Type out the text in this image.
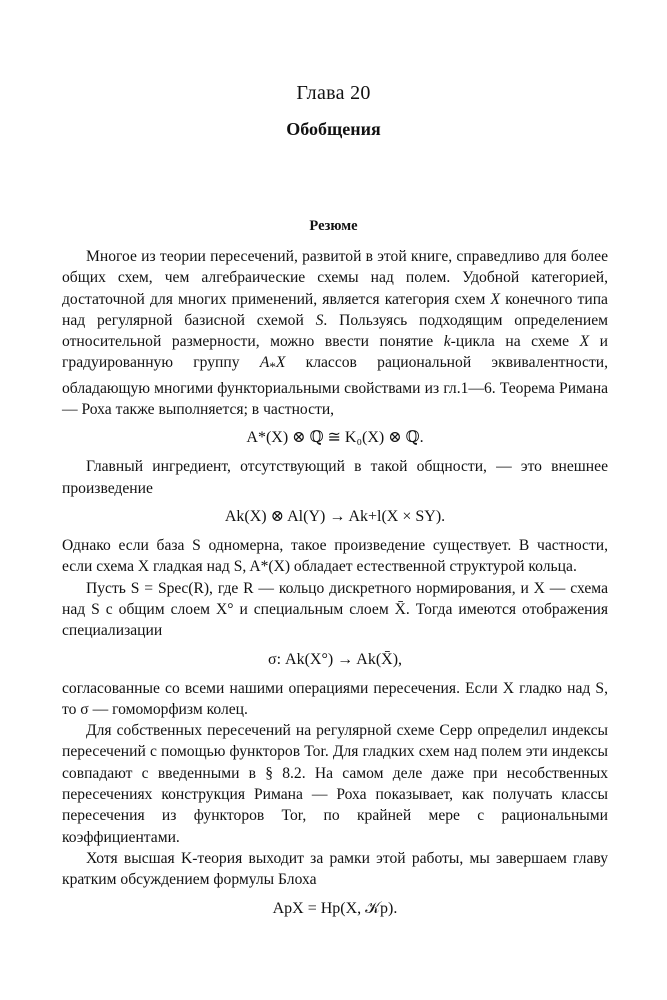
Глава 20
Обобщения
Резюме

Многое из теории пересечений, развитой в этой книге, справедливо для более общих схем, чем алгебраические схемы над полем. Удобной категорией, достаточной для многих применений, является категория схем X конечного типа над регулярной базисной схемой S. Пользуясь подходящим определением относительной размерности, можно ввести понятие k-цикла на схеме X и градуированную группу $A_*X$ классов рациональной эквивалентности, обладающую многими функториальными свойствами из гл.1—6. Теорема Римана — Роха также выполняется; в частности,

A*(X) ⊗ ℚ ≅ K₀(X) ⊗ ℚ.

Главный ингредиент, отсутствующий в такой общности, — это внешнее произведение

Ak(X) ⊗ Al(Y) → Ak+l(X × SY).

Однако если база S одномерна, такое произведение существует. В частности, если схема X гладкая над S, A*(X) обладает естественной структурой кольца.

Пусть S = Spec(R), где R — кольцо дискретного нормирования, и X — схема над S с общим слоем X° и специальным слоем X̄. Тогда имеются отображения специализации

σ: Ak(X°) → Ak(X̄),

согласованные со всеми нашими операциями пересечения. Если X гладко над S, то σ — гомоморфизм колец.

Для собственных пересечений на регулярной схеме Серр определил индексы пересечений с помощью функторов Tor. Для гладких схем над полем эти индексы совпадают с введенными в § 8.2. На самом деле даже при несобственных пересечениях конструкция Римана — Роха показывает, как получать классы пересечения из функторов Tor, по крайней мере с рациональными коэффициентами.

Хотя высшая K-теория выходит за рамки этой работы, мы завершаем главу кратким обсуждением формулы Блоха

ApX = Hp(X, 𝒦p).
